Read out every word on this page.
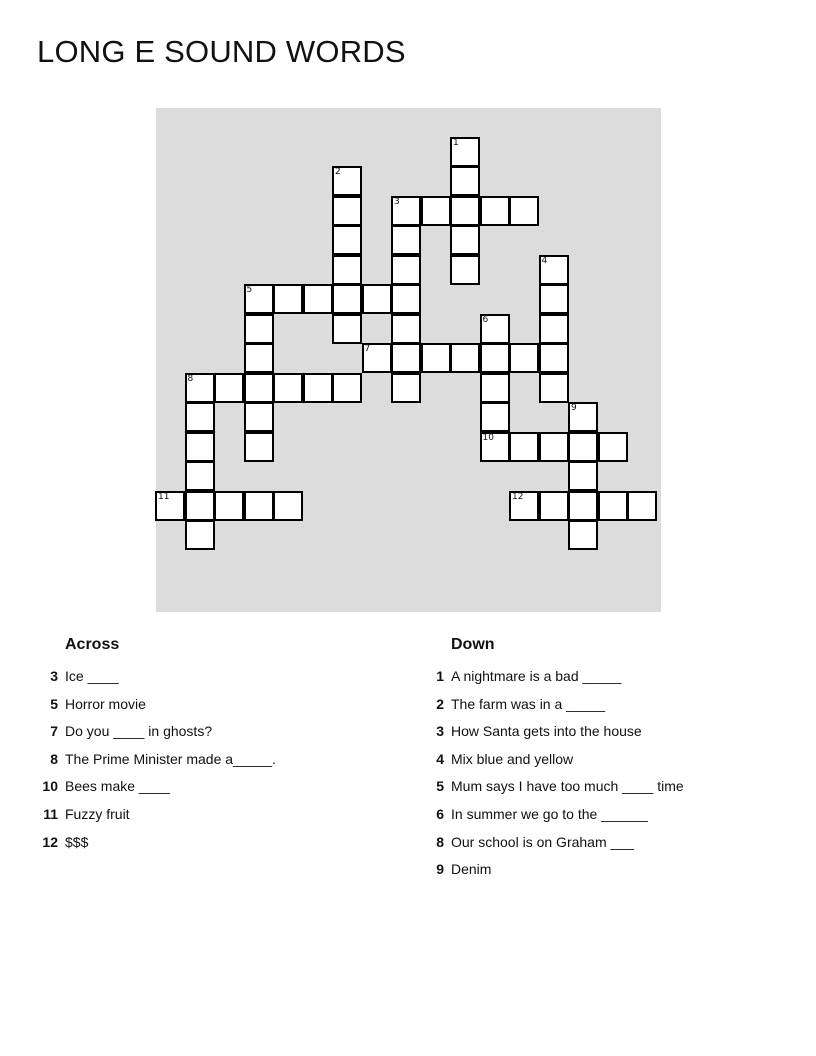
LONG E SOUND WORDS
1
2
3
4
5
6
10
7
8
9
11	12
Across
3 Ice ____
5 Horror movie
7 Do you ____ in ghosts?
8 The Prime Minister made a_____.
10 Bees make ____
11 Fuzzy fruit
12 $$$
Down
1 A nightmare is a bad _____
2 The farm was in a _____
3 How Santa gets into the house
4 Mix blue and yellow
5 Mum says I have too much ____ time
6 In summer we go to the ______
8 Our school is on Graham ___
9 Denim
